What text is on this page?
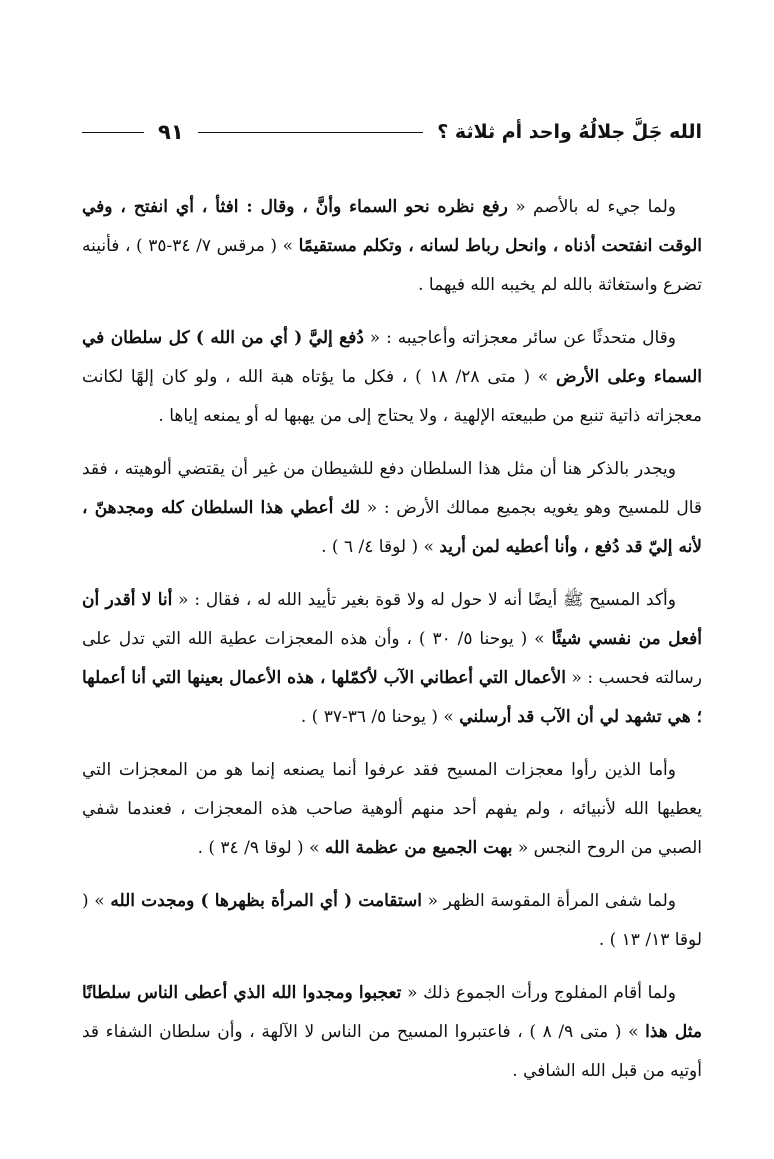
الله جَلَّ جلالُهُ واحد أم ثلاثة ؟
٩١

ولما جيء له بالأصم « رفع نظره نحو السماء وأنَّ ، وقال : افثأ ، أي انفتح ، وفي الوقت انفتحت أذناه ، وانحل رباط لسانه ، وتكلم مستقيمًا » ( مرقس ٧/ ٣٤-٣٥ ) ، فأنينه تضرع واستغاثة بالله لم يخيبه الله فيهما .

وقال متحدثًا عن سائر معجزاته وأعاجيبه : « دُفع إليَّ ( أي من الله ) كل سلطان في السماء وعلى الأرض » ( متى ٢٨/ ١٨ ) ، فكل ما يؤتاه هبة الله ، ولو كان إلهًا لكانت معجزاته ذاتية تنبع من طبيعته الإلهية ، ولا يحتاج إلى من يهبها له أو يمنعه إياها .

ويجدر بالذكر هنا أن مثل هذا السلطان دفع للشيطان من غير أن يقتضي ألوهيته ، فقد قال للمسيح وهو يغويه بجميع ممالك الأرض : « لك أعطي هذا السلطان كله ومجدهنّ ، لأنه إليّ قد دُفع ، وأنا أعطيه لمن أريد » ( لوقا ٤/ ٦ ) .

وأكد المسيح ﷺ أيضًا أنه لا حول له ولا قوة بغير تأييد الله له ، فقال : « أنا لا أقدر أن أفعل من نفسي شيئًا » ( يوحنا ٥/ ٣٠ ) ، وأن هذه المعجزات عطية الله التي تدل على رسالته فحسب : « الأعمال التي أعطاني الآب لأكمّلها ، هذه الأعمال بعينها التي أنا أعملها ؛ هي تشهد لي أن الآب قد أرسلني » ( يوحنا ٥/ ٣٦-٣٧ ) .

وأما الذين رأوا معجزات المسيح فقد عرفوا أنما يصنعه إنما هو من المعجزات التي يعطيها الله لأنبيائه ، ولم يفهم أحد منهم ألوهية صاحب هذه المعجزات ، فعندما شفي الصبي من الروح النجس « بهت الجميع من عظمة الله » ( لوقا ٩/ ٣٤ ) .

ولما شفى المرأة المقوسة الظهر « استقامت ( أي المرأة بظهرها ) ومجدت الله » ( لوقا ١٣/ ١٣ ) .

ولما أقام المفلوج ورأت الجموع ذلك « تعجبوا ومجدوا الله الذي أعطى الناس سلطانًا مثل هذا » ( متى ٩/ ٨ ) ، فاعتبروا المسيح من الناس لا الآلهة ، وأن سلطان الشفاء قد أوتيه من قبل الله الشافي .
